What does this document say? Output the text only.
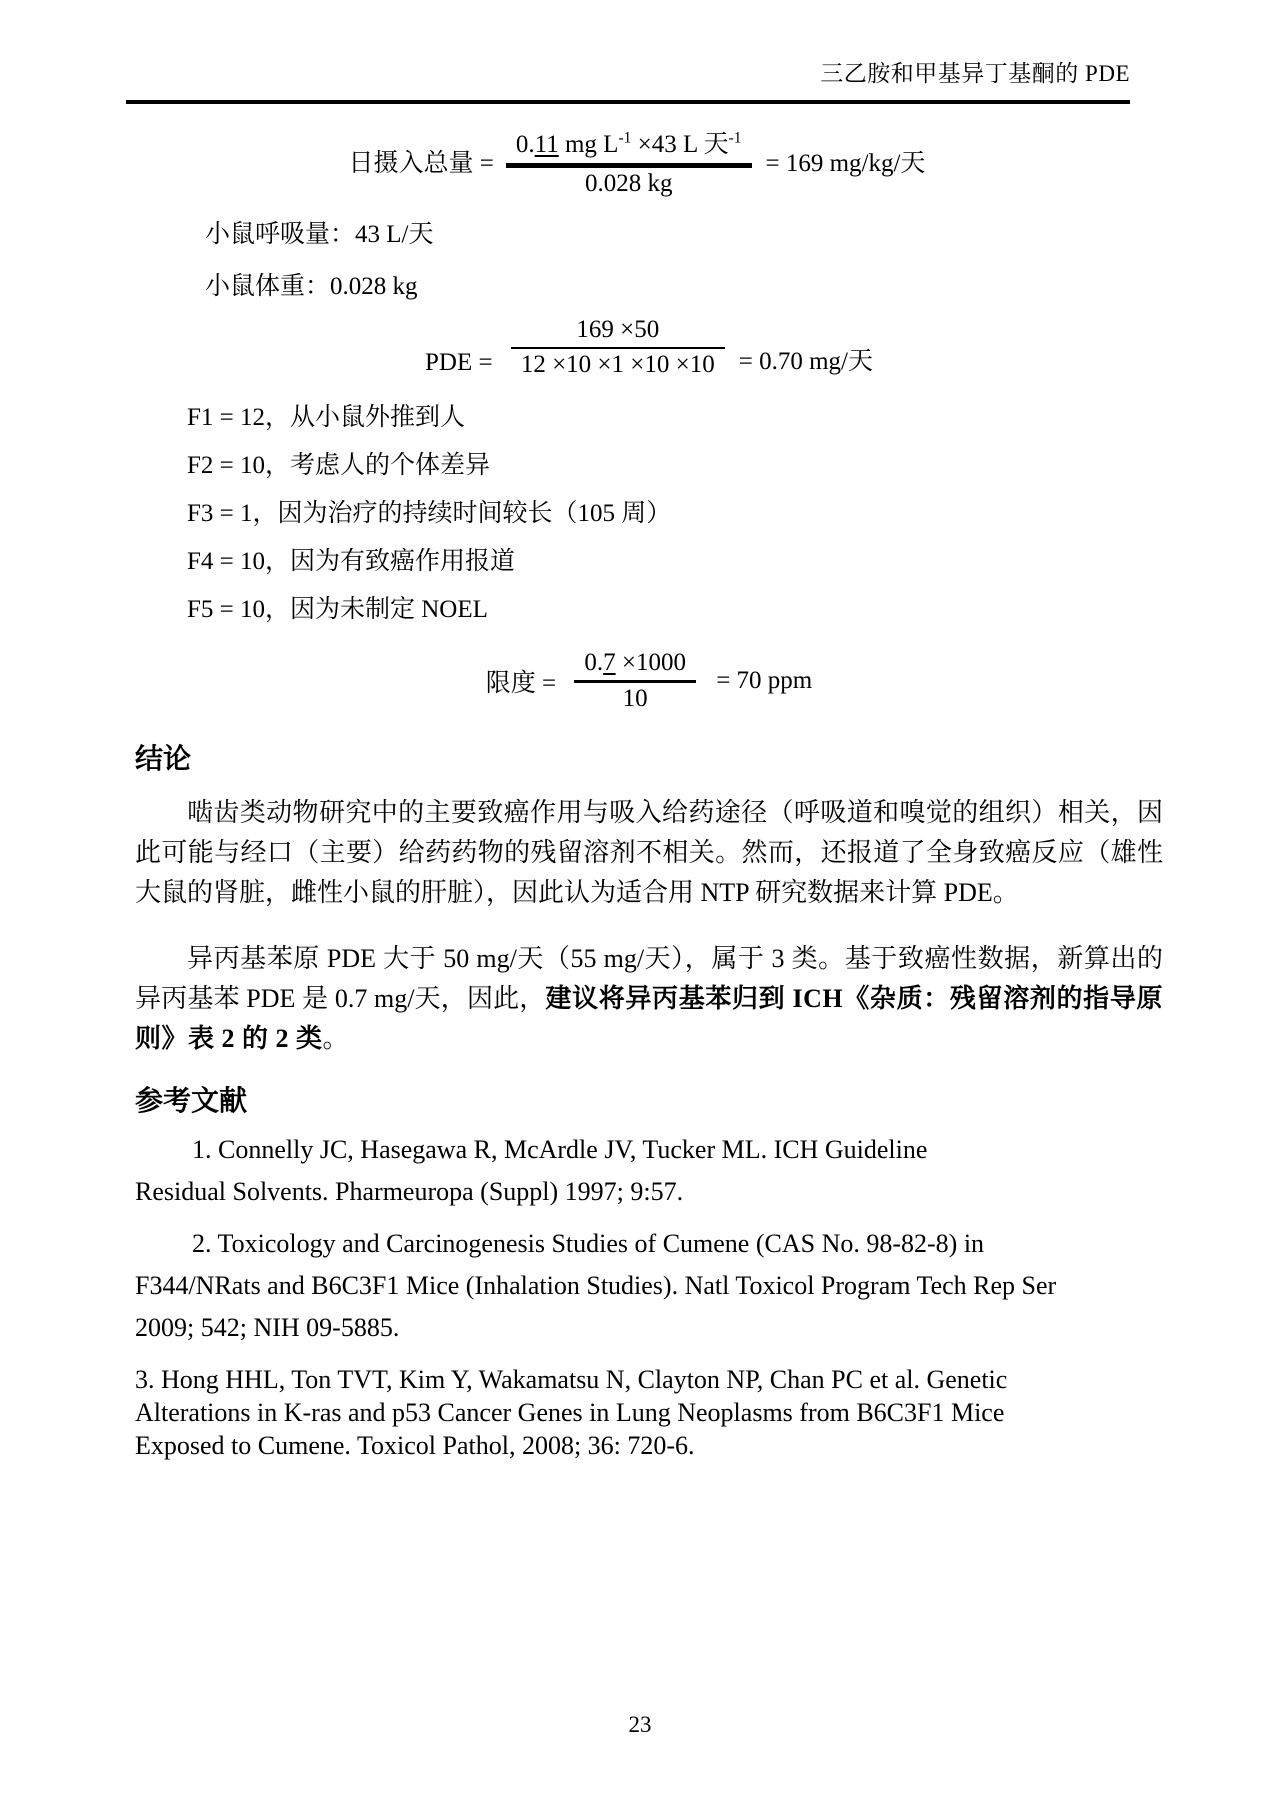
三乙胺和甲基异丁基酮的 PDE
日摄入总量 = $\frac{0.11 mg L^{-1} \times 43 L 天^{-1}}{0.028 kg} = 169$ mg/kg/天
小鼠呼吸量：43 L/天
小鼠体重：0.028 kg
PDE = $\frac{169 \times 50}{12 \times 10 \times 1 \times 10 \times 10} = 0.70$ mg/天
F1 = 12，从小鼠外推到人
F2 = 10，考虑人的个体差异
F3 = 1，因为治疗的持续时间较长（105 周）
F4 = 10，因为有致癌作用报道
F5 = 10，因为未制定 NOEL
限度 = $\frac{0.7 \times 1000}{10} = 70$ ppm
结论

啮齿类动物研究中的主要致癌作用与吸入给药途径（呼吸道和嗅觉的组织）相关，因此可能与经口（主要）给药药物的残留溶剂不相关。然而，还报道了全身致癌反应（雄性大鼠的肾脏，雌性小鼠的肝脏），因此认为适合用 NTP 研究数据来计算 PDE。

异丙基苯原 PDE 大于 50 mg/天（55 mg/天），属于 3 类。基于致癌性数据，新算出的异丙基苯 PDE 是 0.7 mg/天，因此，建议将异丙基苯归到 ICH《杂质：残留溶剂的指导原则》表 2 的 2 类。

参考文献
1. Connelly JC, Hasegawa R, McArdle JV, Tucker ML. ICH Guideline
Residual Solvents. Pharmeuropa (Suppl) 1997; 9:57.
2. Toxicology and Carcinogenesis Studies of Cumene (CAS No. 98-82-8) in
F344/NRats and B6C3F1 Mice (Inhalation Studies). Natl Toxicol Program Tech Rep Ser
2009; 542; NIH 09-5885.
3. Hong HHL, Ton TVT, Kim Y, Wakamatsu N, Clayton NP, Chan PC et al. Genetic
Alterations in K-ras and p53 Cancer Genes in Lung Neoplasms from B6C3F1 Mice
Exposed to Cumene. Toxicol Pathol, 2008; 36: 720-6.
23
